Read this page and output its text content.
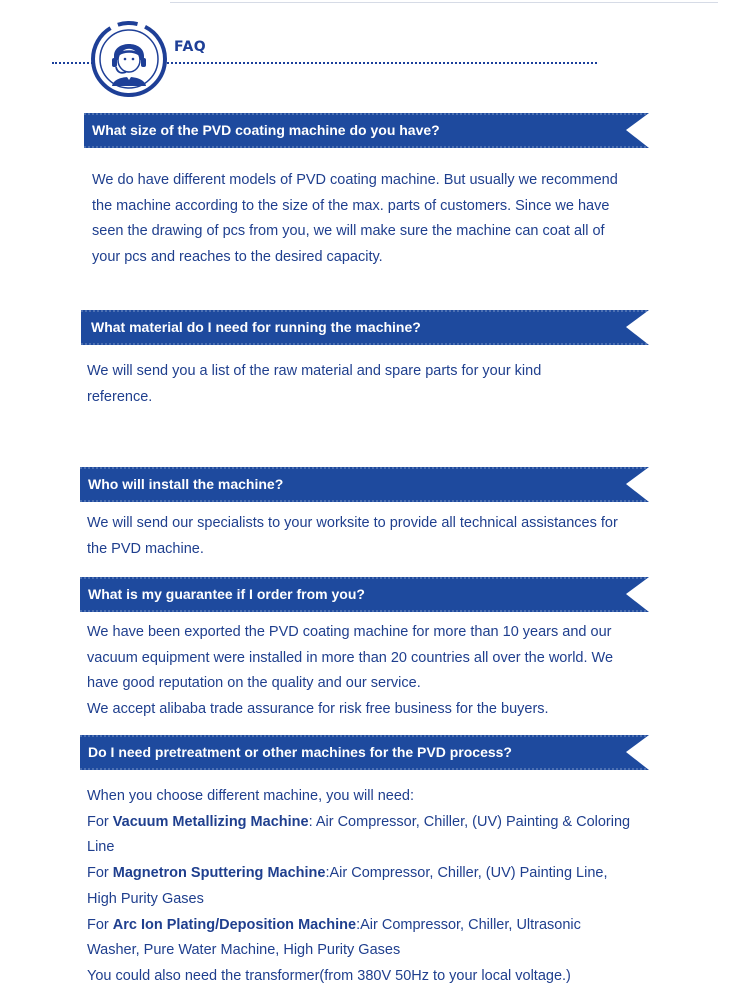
FAQ

What size of the PVD coating machine do you have?

We do have different models of PVD coating machine. But usually we recommend

the machine according to the size of the max. parts of customers. Since we have

seen the drawing of pcs from you, we will make sure the machine can coat all of

your pcs and reaches to the desired capacity.

What material do I need for running the machine?

We will send you a list of the raw material and spare parts for your kind

reference.

Who will install the machine?

We will send our specialists to your worksite to provide all technical assistances for

the PVD machine.

What is my guarantee if I order from you?

We have been exported the PVD coating machine for more than 10 years and our

vacuum equipment were installed in more than 20 countries all over the world. We

have good reputation on the quality and our service.

We accept alibaba trade assurance for risk free business for the buyers.

Do I need pretreatment or other machines for the PVD process?

When you choose different machine, you will need:

For Vacuum Metallizing Machine: Air Compressor, Chiller, (UV) Painting & Coloring

Line

For Magnetron Sputtering Machine:Air Compressor, Chiller, (UV) Painting Line,

High Purity Gases

For Arc Ion Plating/Deposition Machine:Air Compressor, Chiller, Ultrasonic

Washer, Pure Water Machine, High Purity Gases

You could also need the transformer(from 380V 50Hz to your local voltage.)
